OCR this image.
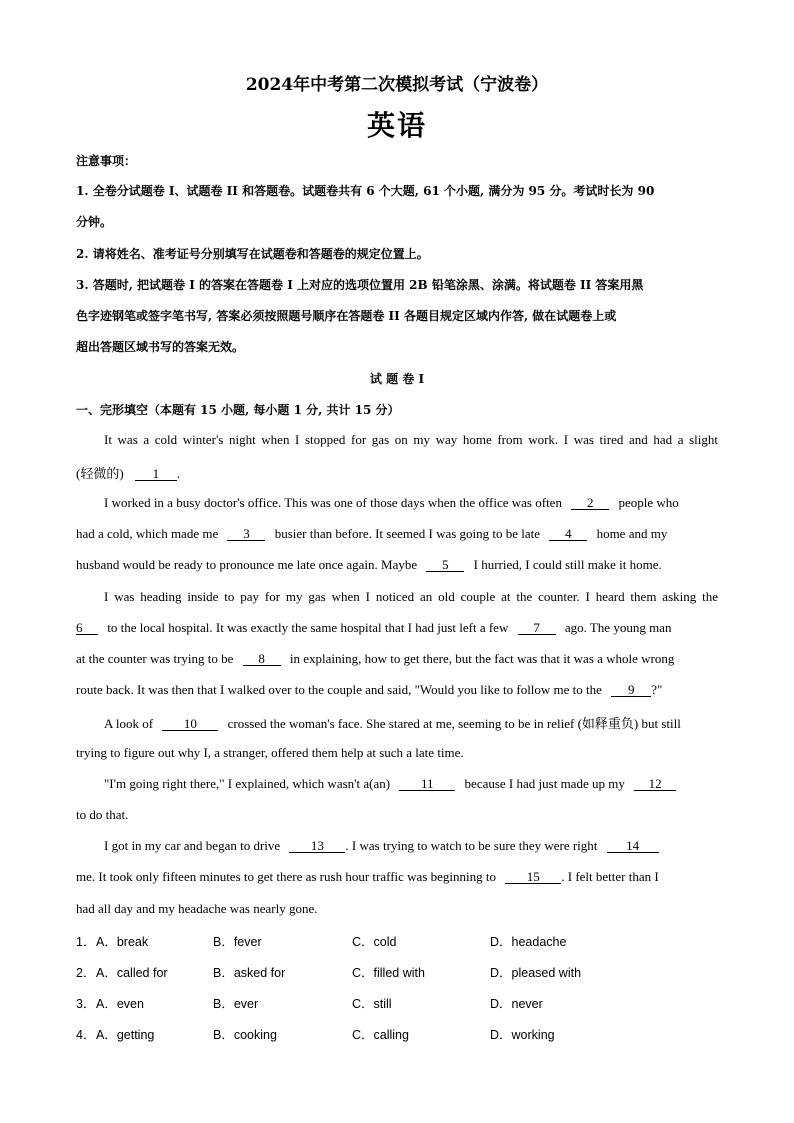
2024年中考第二次模拟考试（宁波卷）
英语
注意事项：
1. 全卷分试题卷 I、试题卷 II 和答题卷。试题卷共有 6 个大题, 61 个小题, 满分为 95 分。考试时长为 90
分钟。
2. 请将姓名、准考证号分别填写在试题卷和答题卷的规定位置上。
3. 答题时, 把试题卷 I 的答案在答题卷 I 上对应的选项位置用 2B 铅笔涂黑、涂满。将试题卷 II 答案用黑
色字迹钢笔或签字笔书写, 答案必须按照题号顺序在答题卷 II 各题目规定区域内作答, 做在试题卷上或
超出答题区域书写的答案无效。
试 题 卷 I
一、完形填空（本题有 15 小题, 每小题 1 分, 共计 15 分）
It was a cold winter's night when I stopped for gas on my way home from work. I was tired and had a slight
(轻微的) 1 .
I worked in a busy doctor's office. This was one of those days when the office was often 2 people who
had a cold, which made me 3 busier than before. It seemed I was going to be late 4 home and my
husband would be ready to pronounce me late once again. Maybe 5 I hurried, I could still make it home.
I was heading inside to pay for my gas when I noticed an old couple at the counter. I heard them asking the
6 to the local hospital. It was exactly the same hospital that I had just left a few 7 ago. The young man
at the counter was trying to be 8 in explaining, how to get there, but the fact was that it was a whole wrong
route back. It was then that I walked over to the couple and said, "Would you like to follow me to the 9 ?"
A look of 10 crossed the woman's face. She stared at me, seeming to be in relief (如释重负) but still
trying to figure out why I, a stranger, offered them help at such a late time.
"I'm going right there," I explained, which wasn't a(an) 11 because I had just made up my 12
to do that.
I got in my car and began to drive 13 . I was trying to watch to be sure they were right 14
me. It took only fifteen minutes to get there as rush hour traffic was beginning to 15 . I felt better than I
had all day and my headache was nearly gone.
1． A．break	B．fever	C．cold	D．headache
2． A．called for	B．asked for	C．filled with	D．pleased with
3． A．even	B．ever	C．still	D．never
4． A．getting	B．cooking	C．calling	D．working
